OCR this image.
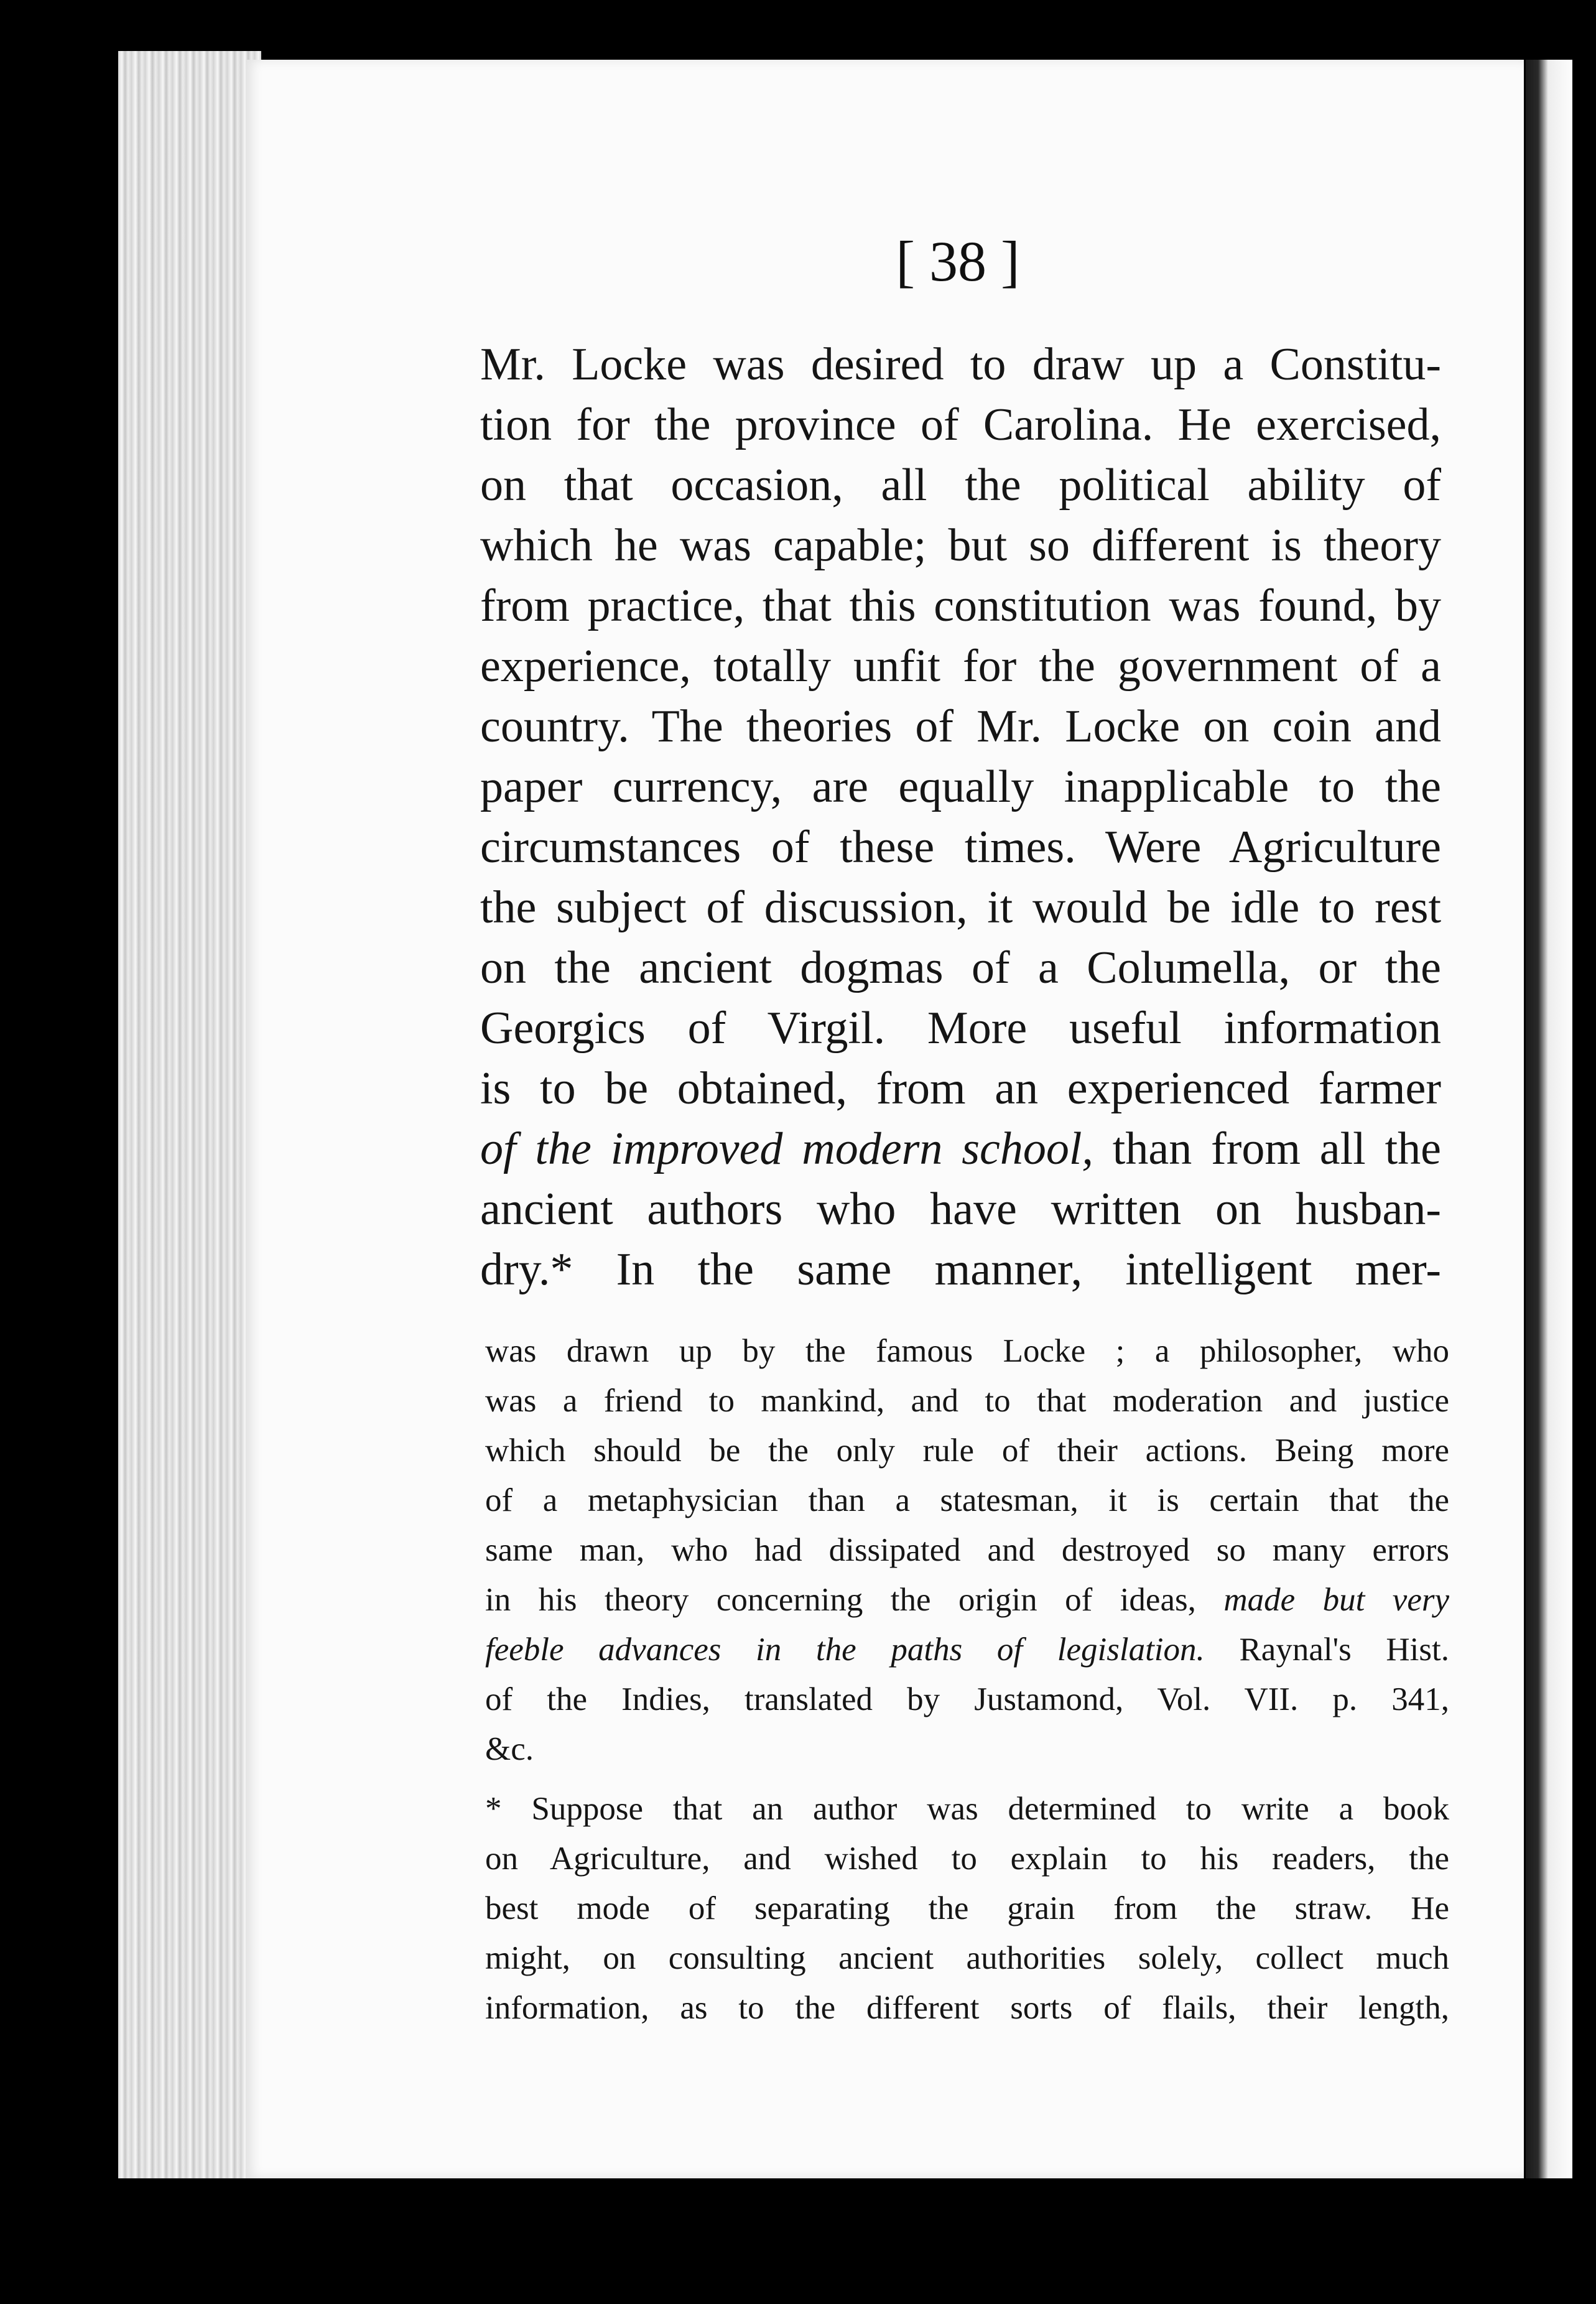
[ 38 ]
Mr. Locke was desired to draw up a Constitu-
tion for the province of Carolina. He exercised,
on that occasion, all the political ability of
which he was capable; but so different is theory
from practice, that this constitution was found, by
experience, totally unfit for the government of a
country. The theories of Mr. Locke on coin and
paper currency, are equally inapplicable to the
circumstances of these times. Were Agriculture
the subject of discussion, it would be idle to rest
on the ancient dogmas of a Columella, or the
Georgics of Virgil. More useful information
is to be obtained, from an experienced farmer
of the improved modern school, than from all the
ancient authors who have written on husban-
dry.* In the same manner, intelligent mer-
was drawn up by the famous Locke ; a philosopher, who
was a friend to mankind, and to that moderation and justice
which should be the only rule of their actions. Being more
of a metaphysician than a statesman, it is certain that the
same man, who had dissipated and destroyed so many errors
in his theory concerning the origin of ideas, made but very
feeble advances in the paths of legislation. Raynal's Hist.
of the Indies, translated by Justamond, Vol. VII. p. 341,
&c.
* Suppose that an author was determined to write a book
on Agriculture, and wished to explain to his readers, the
best mode of separating the grain from the straw. He
might, on consulting ancient authorities solely, collect much
information, as to the different sorts of flails, their length,
